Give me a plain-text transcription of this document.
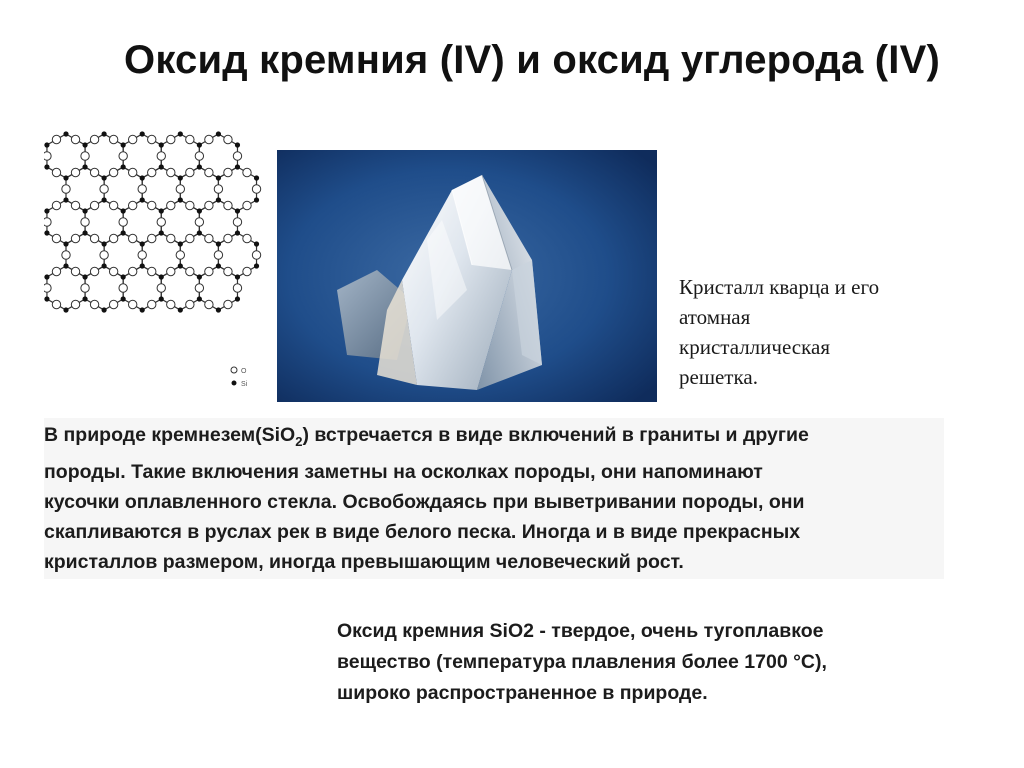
Оксид кремния (IV) и оксид углерода (IV)
O
Si
Кристалл кварца и его
атомная
кристаллическая
решетка.
В природе кремнезем(SiO$_2$) встречается в виде включений в граниты и другие
породы. Такие включения заметны на осколках породы, они напоминают
кусочки оплавленного стекла. Освобождаясь при выветривании породы, они
скапливаются в руслах рек в виде белого песка. Иногда и в виде прекрасных
кристаллов размером, иногда превышающим человеческий рост.
Оксид кремния SiO2 - твердое, очень тугоплавкое
вещество (температура плавления более 1700 °C),
широко распространенное в природе.
